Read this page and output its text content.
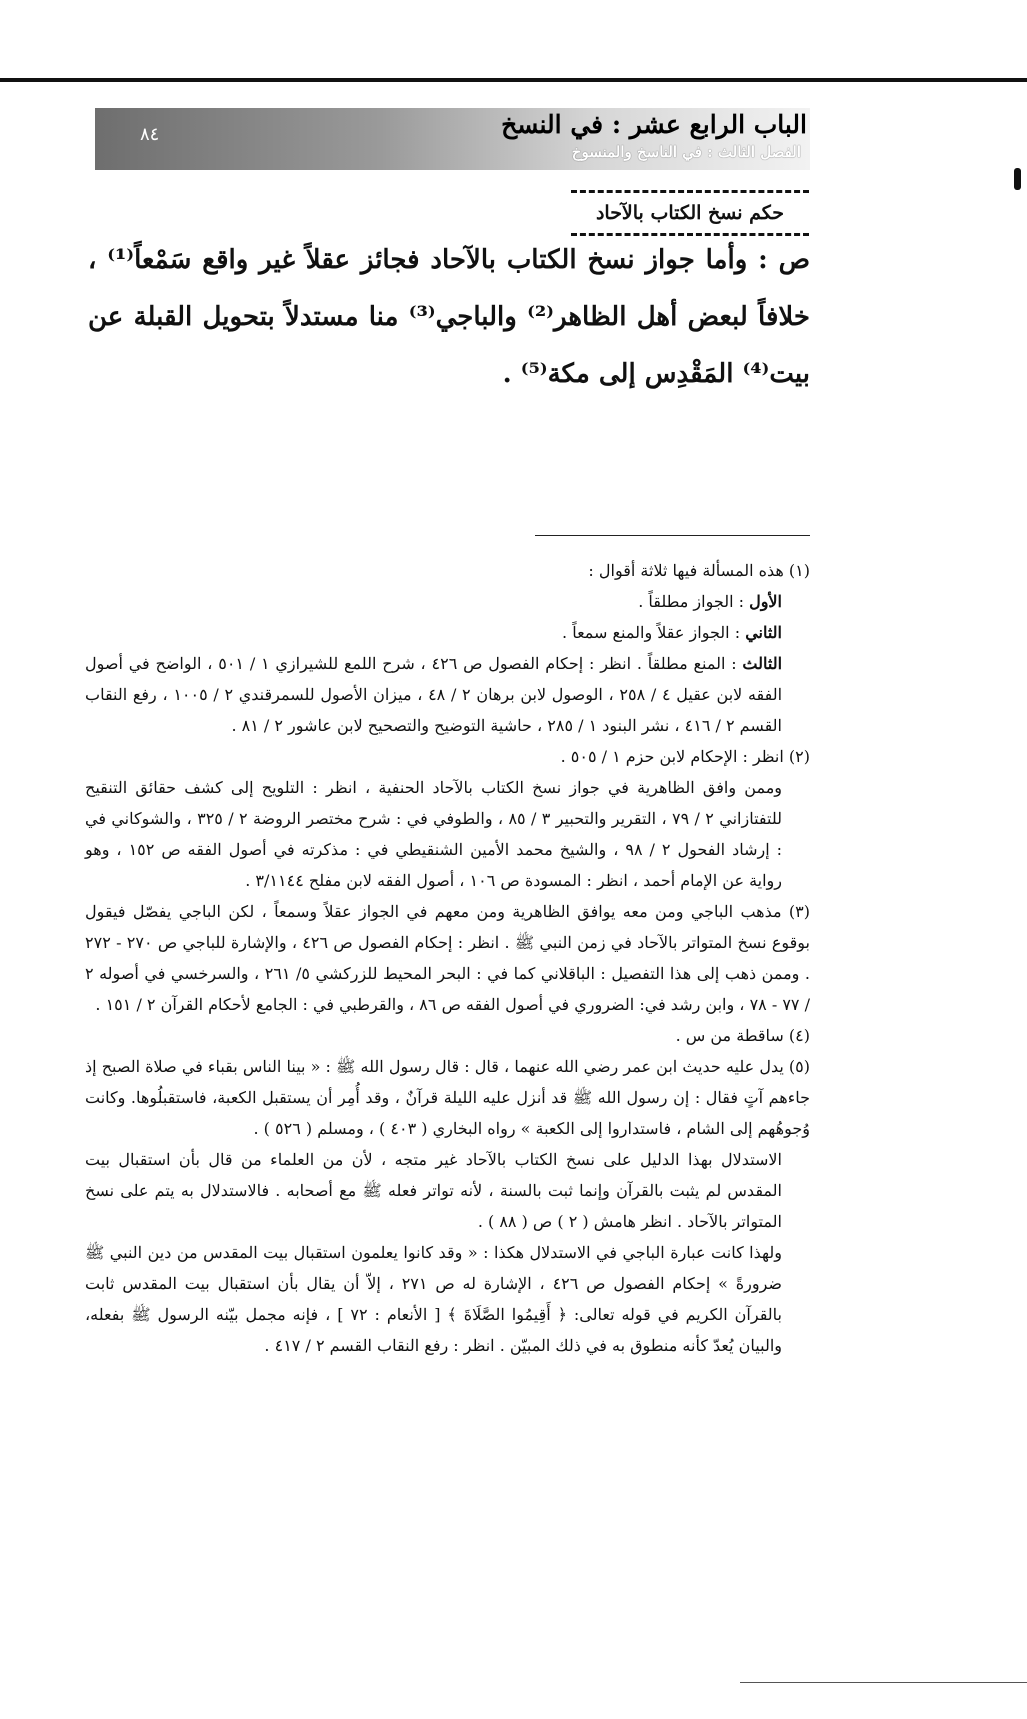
٨٤	الباب الرابع عشر : في النسخ
الفصل الثالث : في الناسخ والمنسوخ
حكم نسخ الكتاب بالآحاد

ص : وأما جواز نسخ الكتاب بالآحاد فجائز عقلاً غير واقع سَمْعاً⁽¹⁾ ، خلافاً لبعض أهل الظاهر⁽²⁾ والباجي⁽³⁾ منا مستدلاً بتحويل القبلة عن بيت⁽⁴⁾ المَقْدِس إلى مكة⁽⁵⁾ .

(١) هذه المسألة فيها ثلاثة أقوال :

الأول : الجواز مطلقاً .

الثاني : الجواز عقلاً والمنع سمعاً .

الثالث : المنع مطلقاً . انظر : إحكام الفصول ص ٤٢٦ ، شرح اللمع للشيرازي ١ / ٥٠١ ، الواضح في أصول الفقه لابن عقيل ٤ / ٢٥٨ ، الوصول لابن برهان ٢ / ٤٨ ، ميزان الأصول للسمرقندي ٢ / ١٠٠٥ ، رفع النقاب القسم ٢ / ٤١٦ ، نشر البنود ١ / ٢٨٥ ، حاشية التوضيح والتصحيح لابن عاشور ٢ / ٨١ .

(٢) انظر : الإحكام لابن حزم ١ / ٥٠٥ .

وممن وافق الظاهرية في جواز نسخ الكتاب بالآحاد الحنفية ، انظر : التلويح إلى كشف حقائق التنقيح للتفتازاني ٢ / ٧٩ ، التقرير والتحبير ٣ / ٨٥ ، والطوفي في : شرح مختصر الروضة ٢ / ٣٢٥ ، والشوكاني في : إرشاد الفحول ٢ / ٩٨ ، والشيخ محمد الأمين الشنقيطي في : مذكرته في أصول الفقه ص ١٥٢ ، وهو رواية عن الإمام أحمد ، انظر : المسودة ص ١٠٦ ، أصول الفقه لابن مفلح ٣/١١٤٤ .

(٣) مذهب الباجي ومن معه يوافق الظاهرية ومن معهم في الجواز عقلاً وسمعاً ، لكن الباجي يفصّل فيقول بوقوع نسخ المتواتر بالآحاد في زمن النبي ﷺ . انظر : إحكام الفصول ص ٤٢٦ ، والإشارة للباجي ص ٢٧٠ - ٢٧٢ . وممن ذهب إلى هذا التفصيل : الباقلاني كما في : البحر المحيط للزركشي ٥/ ٢٦١ ، والسرخسي في أصوله ٢ / ٧٧ - ٧٨ ، وابن رشد في: الضروري في أصول الفقه ص ٨٦ ، والقرطبي في : الجامع لأحكام القرآن ٢ / ١٥١ .

(٤) ساقطة من س .

(٥) يدل عليه حديث ابن عمر رضي الله عنهما ، قال : قال رسول الله ﷺ : « بينا الناس بقباء في صلاة الصبح إذ جاءهم آتٍ فقال : إن رسول الله ﷺ قد أنزل عليه الليلة قرآنٌ ، وقد أُمِر أن يستقبل الكعبة، فاستقبلُوها. وكانت وُجوهُهم إلى الشام ، فاستداروا إلى الكعبة » رواه البخاري ( ٤٠٣ ) ، ومسلم ( ٥٢٦ ) .

الاستدلال بهذا الدليل على نسخ الكتاب بالآحاد غير متجه ، لأن من العلماء من قال بأن استقبال بيت المقدس لم يثبت بالقرآن وإنما ثبت بالسنة ، لأنه تواتر فعله ﷺ مع أصحابه . فالاستدلال به يتم على نسخ المتواتر بالآحاد . انظر هامش ( ٢ ) ص ( ٨٨ ) .

ولهذا كانت عبارة الباجي في الاستدلال هكذا : « وقد كانوا يعلمون استقبال بيت المقدس من دين النبي ﷺ ضرورةً » إحكام الفصول ص ٤٢٦ ، الإشارة له ص ٢٧١ ، إلاّ أن يقال بأن استقبال بيت المقدس ثابت بالقرآن الكريم في قوله تعالى: ﴿ أَقِيمُوا الصَّلَاةَ ﴾ [ الأنعام : ٧٢ ] ، فإنه مجمل بيّنه الرسول ﷺ بفعله، والبيان يُعدّ كأنه منطوق به في ذلك المبيّن . انظر : رفع النقاب القسم ٢ / ٤١٧ .
